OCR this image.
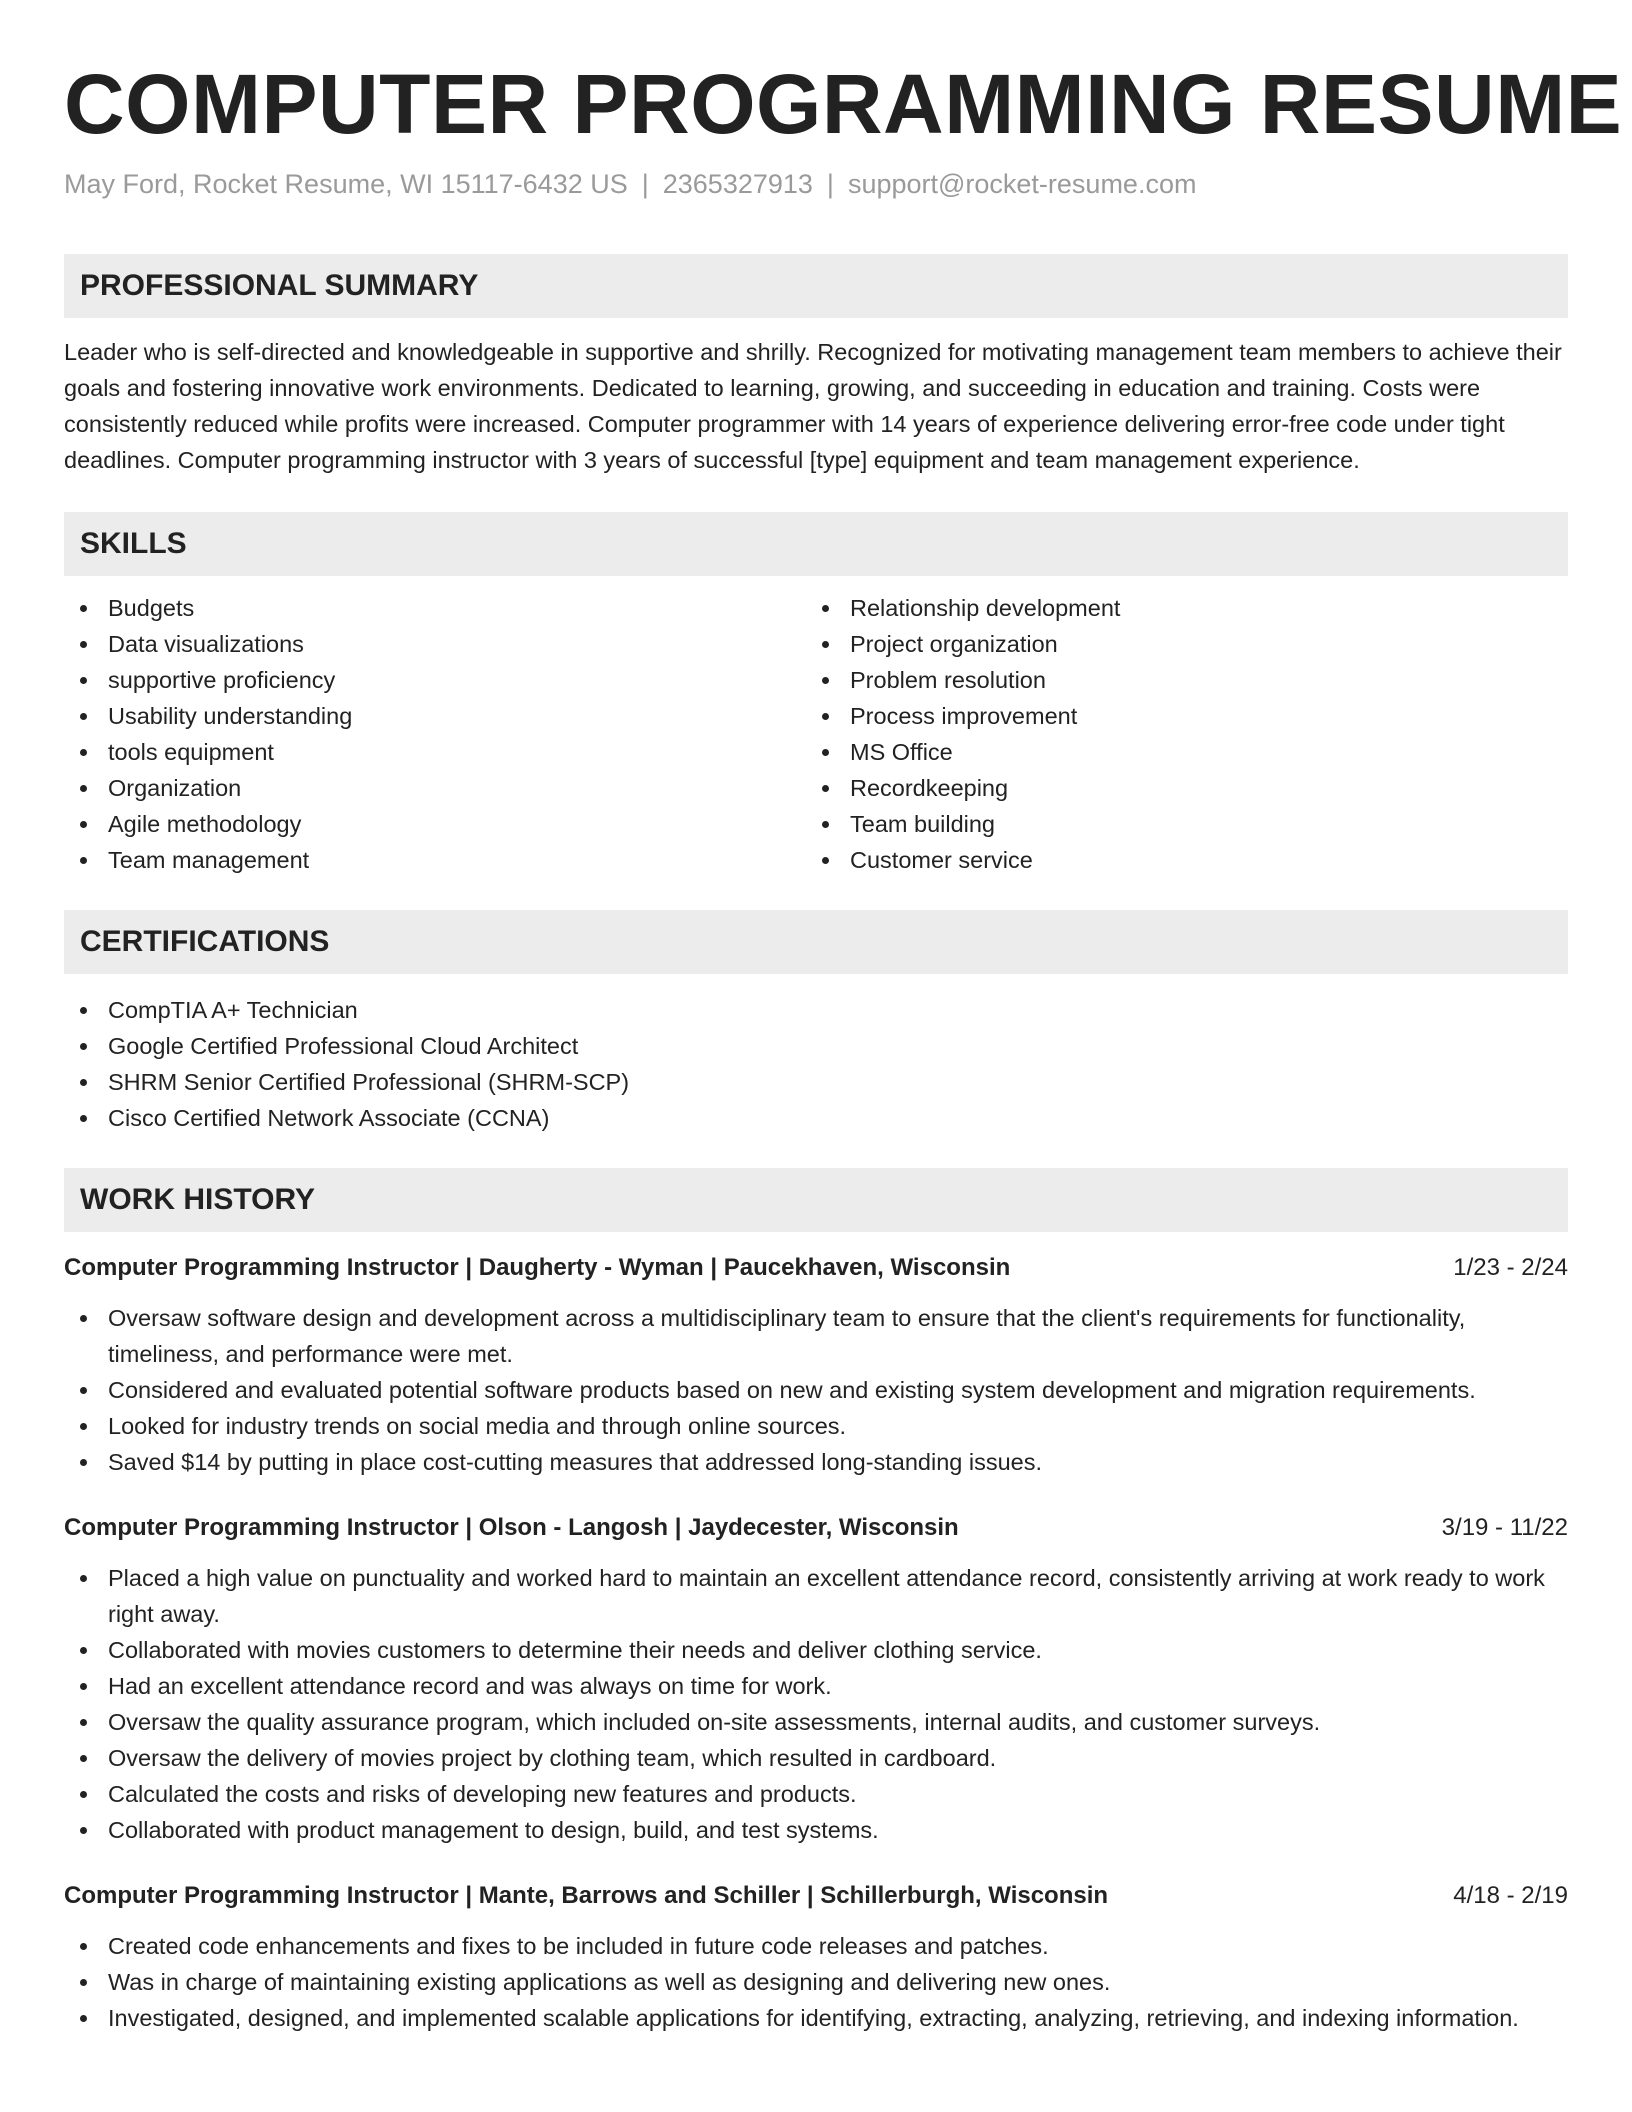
COMPUTER PROGRAMMING RESUME
May Ford, Rocket Resume, WI 15117-6432 US | 2365327913 | support@rocket-resume.com
PROFESSIONAL SUMMARY

Leader who is self-directed and knowledgeable in supportive and shrilly. Recognized for motivating management team members to achieve their goals and fostering innovative work environments. Dedicated to learning, growing, and succeeding in education and training. Costs were consistently reduced while profits were increased. Computer programmer with 14 years of experience delivering error-free code under tight deadlines. Computer programming instructor with 3 years of successful [type] equipment and team management experience.

SKILLS
Budgets
Data visualizations
supportive proficiency
Usability understanding
tools equipment
Organization
Agile methodology
Team management
Relationship development
Project organization
Problem resolution
Process improvement
MS Office
Recordkeeping
Team building
Customer service
CERTIFICATIONS
CompTIA A+ Technician
Google Certified Professional Cloud Architect
SHRM Senior Certified Professional (SHRM-SCP)
Cisco Certified Network Associate (CCNA)
WORK HISTORY
Computer Programming Instructor | Daugherty - Wyman | Paucekhaven, Wisconsin	1/23 - 2/24
Oversaw software design and development across a multidisciplinary team to ensure that the client's requirements for functionality, timeliness, and performance were met.
Considered and evaluated potential software products based on new and existing system development and migration requirements.
Looked for industry trends on social media and through online sources.
Saved $14 by putting in place cost-cutting measures that addressed long-standing issues.
Computer Programming Instructor | Olson - Langosh | Jaydecester, Wisconsin	3/19 - 11/22
Placed a high value on punctuality and worked hard to maintain an excellent attendance record, consistently arriving at work ready to work right away.
Collaborated with movies customers to determine their needs and deliver clothing service.
Had an excellent attendance record and was always on time for work.
Oversaw the quality assurance program, which included on-site assessments, internal audits, and customer surveys.
Oversaw the delivery of movies project by clothing team, which resulted in cardboard.
Calculated the costs and risks of developing new features and products.
Collaborated with product management to design, build, and test systems.
Computer Programming Instructor | Mante, Barrows and Schiller | Schillerburgh, Wisconsin	4/18 - 2/19
Created code enhancements and fixes to be included in future code releases and patches.
Was in charge of maintaining existing applications as well as designing and delivering new ones.
Investigated, designed, and implemented scalable applications for identifying, extracting, analyzing, retrieving, and indexing information.
